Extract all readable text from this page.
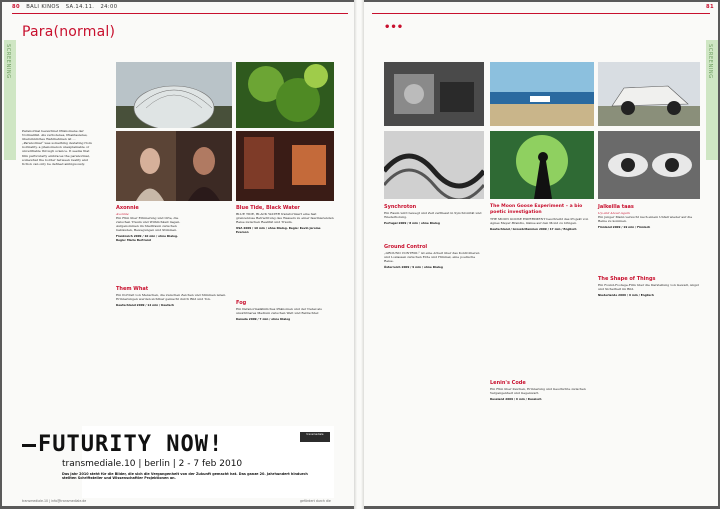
80 BALI KINOS SA.14.11. 24:00	81
SCREENING	SCREENING
Para(normal)	•••
Paranormal bezeichnet Phänomene der Normalität. Als verbotenes, Phantasieres, übersinnliches Wahrnehmen ist … „Paranormal“ was something deviating from normality, a phenomenon unexplainable or unverifiable through science. It seems that film particularly embraces the paranormal, somewhat the border between reality and fiction can only be defined ambiguously.
Axonnie
Axonnie

Ein Film über Erinnerung und Orte, die zwischen Traum und Wirklichkeit liegen. Aufgenommen im Stadtraum zwischen Gebäuden, Bewegungen und Stimmen.

Frankreich 2009 / 10 min / ohne Dialog. Regie: Marie Bertrand
Blue Tide, Black Water

BLUE TIDE, BLACK WATER transformiert eine fast grenzenlose Betrachtung des Wassers zu einer faszinierenden Reise zwischen Realität und Traum.

USA 2009 / 16 min / ohne Dialog. Regie: Kevin Jerome Everson
Them What

Ein Portrait von Menschen, die zwischen Zeichen und Stimmen leben. Erinnerungen werden sichtbar gemacht durch Bild und Ton.

Deutschland 2009 / 12 min / Deutsch	Fog

Ein Paranormalähnliches Phänomen und der Nebel als unsichtbares Medium zwischen Welt und Betrachter.

Kanada 2009 / 7 min / ohne Dialog
FUTURITY NOW!
transmediale.10 | berlin | 2 - 7 feb 2010
Das Jahr 2010 steht für die Bilder, die sich die Vergangenheit von der Zukunft gemacht hat. Das ganze 20. Jahrhundert hindurch stellten Schriftsteller und Wissenschaftler Projektionen an.
transmediale
transmediale.10 | info@transmediale.de	gefördert durch die
Synchroton

Ein Raum wird bewegt und Zeit zerfliesst in Synchronität und Wiederholung.

Portugal 2009 / 8 min / ohne Dialog
Ground Control

„GROUND CONTROL“ ist eine Arbeit über das Kontrollieren und Loslassen zwischen Erde und Himmel, eine poetische Reise.

Österreich 2009 / 9 min / ohne Dialog
The Moon Goose Experiment – a bio poetic investigation

THE MOON GOOSE EXPERIMENT beschreibt das Projekt von Agnes Meyer-Brandis, Gänse auf den Mond zu bringen.

Deutschland / Grossbritannien 2009 / 17 min / Englisch
Jalkeilla taas
Up and About Again

Ein junger Mann versucht nach einem Unfall wieder auf die Beine zu kommen.

Finnland 2009 / 19 min / Finnisch
The Shape of Things

Ein Found-Footage-Film über die Darstellung von Gewalt, Angst und Sicherheit im Bild.

Niederlande 2009 / 9 min / Englisch
Lenin's Code

Ein Film über Zeichen, Erinnerung und Geschichte zwischen Vergangenheit und Gegenwart.

Russland 2009 / 6 min / Russisch
